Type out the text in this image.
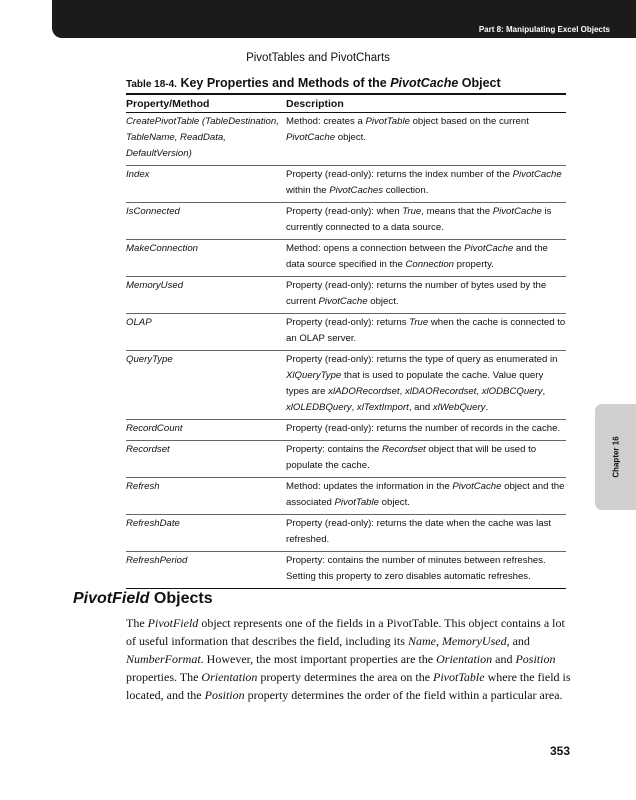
Part 8: Manipulating Excel Objects
PivotTables and PivotCharts
Table 18-4. Key Properties and Methods of the PivotCache Object
Property/Method	Description
CreatePivotTable (TableDestination, TableName, ReadData, DefaultVersion)	Method: creates a PivotTable object based on the current PivotCache object.
Index	Property (read-only): returns the index number of the PivotCache within the PivotCaches collection.
IsConnected	Property (read-only): when True, means that the PivotCache is currently connected to a data source.
MakeConnection	Method: opens a connection between the PivotCache and the data source specified in the Connection property.
MemoryUsed	Property (read-only): returns the number of bytes used by the current PivotCache object.
OLAP	Property (read-only): returns True when the cache is connected to an OLAP server.
QueryType	Property (read-only): returns the type of query as enumerated in XlQueryType that is used to populate the cache. Value query types are xlADORecordset, xlDAORecordset, xlODBCQuery, xlOLEDBQuery, xlTextImport, and xlWebQuery.
RecordCount	Property (read-only): returns the number of records in the cache.
Recordset	Property: contains the Recordset object that will be used to populate the cache.
Refresh	Method: updates the information in the PivotCache object and the associated PivotTable object.
RefreshDate	Property (read-only): returns the date when the cache was last refreshed.
RefreshPeriod	Property: contains the number of minutes between refreshes. Setting this property to zero disables automatic refreshes.
Chapter 16
PivotField Objects
The PivotField object represents one of the fields in a PivotTable. This object contains a lot of useful information that describes the field, including its Name, MemoryUsed, and NumberFormat. However, the most important properties are the Orientation and Position properties. The Orientation property determines the area on the PivotTable where the field is located, and the Position property determines the order of the field within a particular area.
353
